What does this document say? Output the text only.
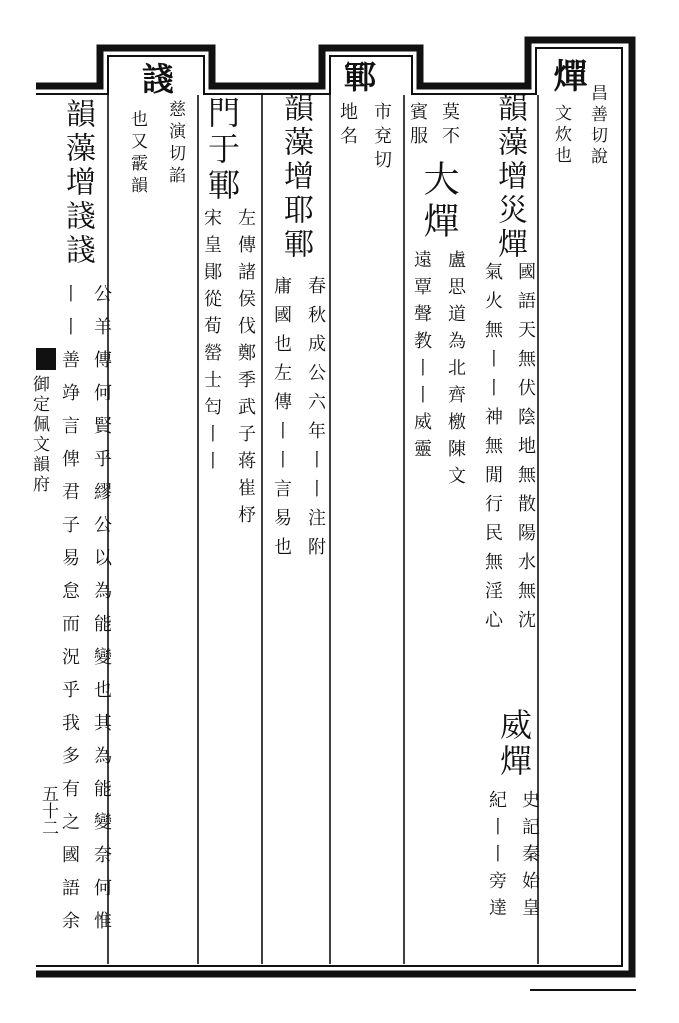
御定佩文韻府
五十二
燀
昌善切說
文炊也
韻藻增災燀
國語天無伏陰地無散陽水無沈
氣火無丨丨神無閒行民無淫心
威燀
史記秦始皇
紀丨丨旁達
莫不
賓服
大燀
盧思道為北齊檄陳文
遠覃聲教丨丨威靈
鄆
市兗切
地名
韻藻增耶鄆
春秋成公六年丨丨注附
庸國也左傳丨丨言易也
門于鄆
左傳諸侯伐鄭季武子蒋崔杼
宋皇鄖從荀罃士匄丨丨
諓
慈演切諂
也又霰韻
韻藻增諓諓
公羊傳何賢乎繆公以為能變也其為能變奈何惟
丨丨善竫言俾君子易怠而況乎我多有之國語余
